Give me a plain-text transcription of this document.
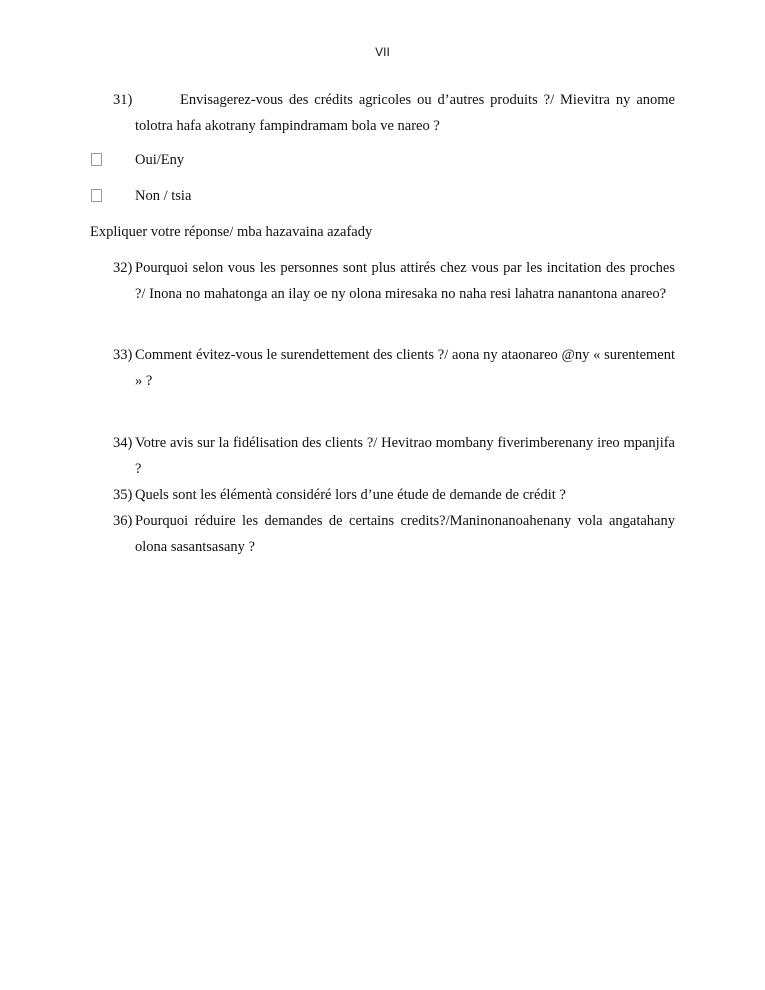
VII
31)	Envisagerez-vous des crédits agricoles ou d’autres produits ?/ Mievitra ny anome
tolotra hafa akotrany fampindramam bola ve nareo ?
Oui/Eny
Non / tsia
Expliquer votre réponse/ mba hazavaina azafady
32) Pourquoi selon vous les personnes sont plus attirés chez vous par les incitation des proches ?/ Inona no mahatonga an ilay oe ny olona miresaka no naha resi lahatra nanantona anareo?
33) Comment évitez-vous le surendettement des clients ?/ aona ny ataonareo @ny « surentement » ?
34) Votre avis sur la fidélisation des clients ?/ Hevitrao mombany fiverimberenany ireo mpanjifa ?
35) Quels sont les élémentà considéré lors d’une étude de demande de crédit ?
36) Pourquoi réduire les demandes de certains credits?/Maninonanoahenany vola angatahany olona sasantsasany ?
